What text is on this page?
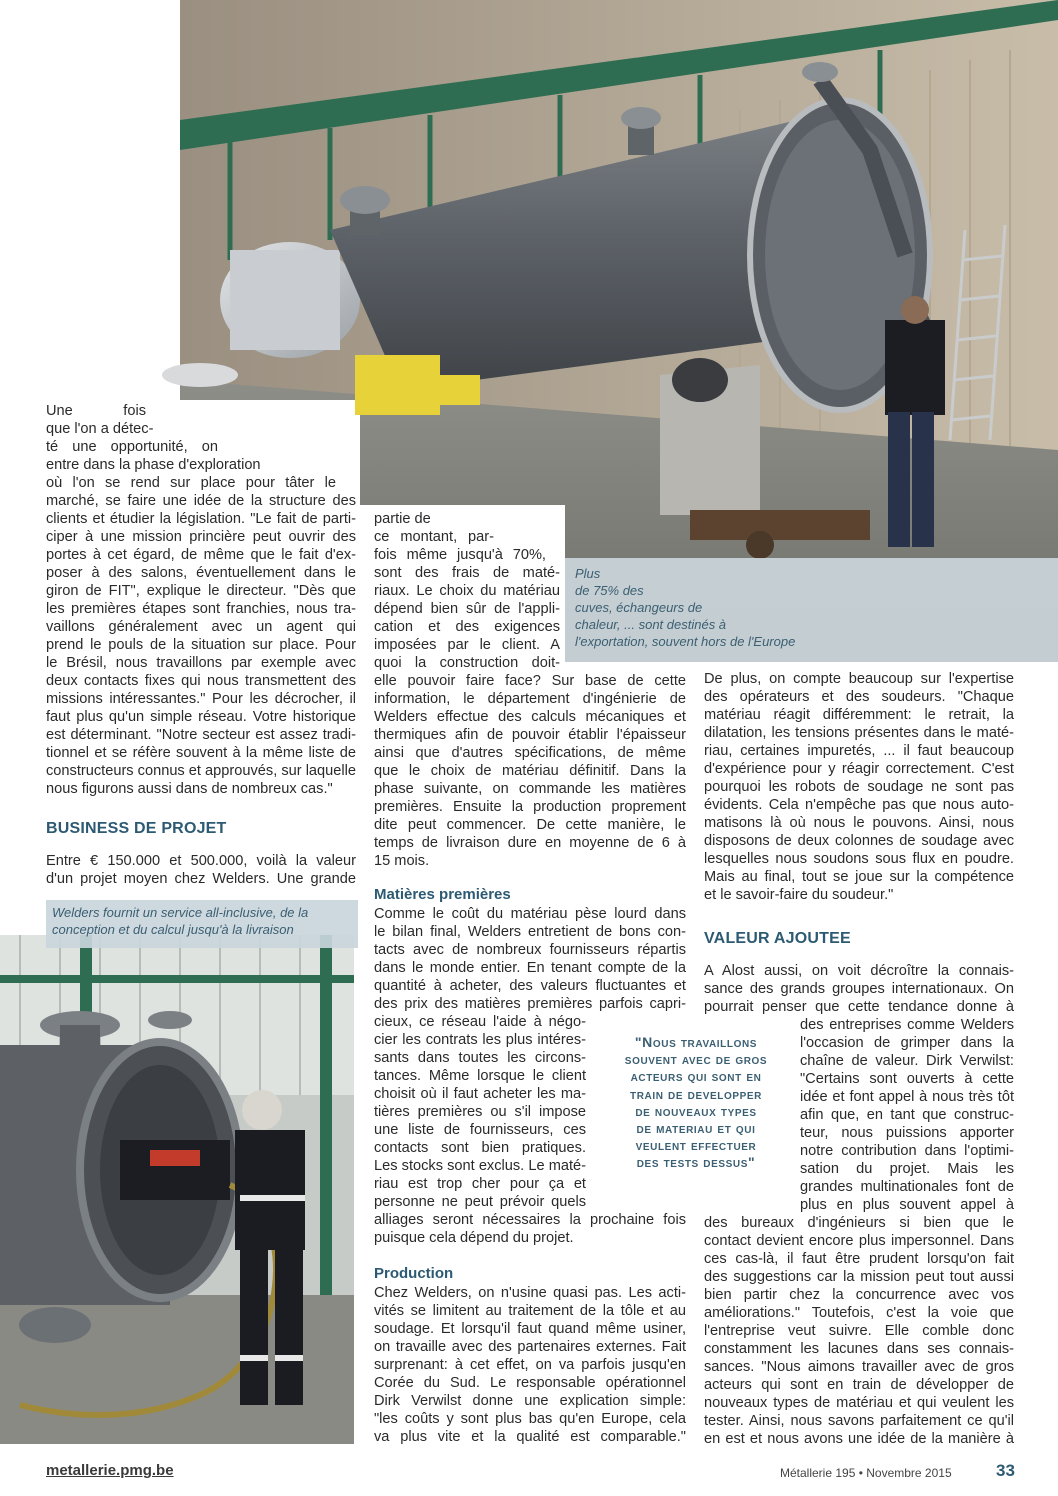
Plus
de 75% des
cuves, échangeurs de
chaleur, ... sont destinés à
l'exportation, souvent hors de l'Europe
Une fois
que l'on a détec-
té une opportunité, on
entre dans la phase d'exploration
où l'on se rend sur place pour tâter le
marché, se faire une idée de la structure des
clients et étudier la législation. "Le fait de parti-
ciper à une mission princière peut ouvrir des
portes à cet égard, de même que le fait d'ex-
poser à des salons, éventuellement dans le
giron de FIT", explique le directeur. "Dès que
les premières étapes sont franchies, nous tra-
vaillons généralement avec un agent qui
prend le pouls de la situation sur place. Pour
le Brésil, nous travaillons par exemple avec
deux contacts fixes qui nous transmettent des
missions intéressantes." Pour les décrocher, il
faut plus qu'un simple réseau. Votre historique
est déterminant. "Notre secteur est assez tradi-
tionnel et se réfère souvent à la même liste de
constructeurs connus et approuvés, sur laquelle
nous figurons aussi dans de nombreux cas."
BUSINESS DE PROJET
Entre € 150.000 et 500.000, voilà la valeur
d'un projet moyen chez Welders. Une grande
Welders fournit un service all-inclusive, de la
conception et du calcul jusqu'à la livraison
partie de
ce montant, par-
fois même jusqu'à 70%,
sont des frais de maté-
riaux. Le choix du matériau
dépend bien sûr de l'appli-
cation et des exigences
imposées par le client. A
quoi la construction doit-
elle pouvoir faire face? Sur base de cette
information, le département d'ingénierie de
Welders effectue des calculs mécaniques et
thermiques afin de pouvoir établir l'épaisseur
ainsi que d'autres spécifications, de même
que le choix de matériau définitif. Dans la
phase suivante, on commande les matières
premières. Ensuite la production proprement
dite peut commencer. De cette manière, le
temps de livraison dure en moyenne de 6 à
15 mois.
Matières premières
Comme le coût du matériau pèse lourd dans
le bilan final, Welders entretient de bons con-
tacts avec de nombreux fournisseurs répartis
dans le monde entier. En tenant compte de la
quantité à acheter, des valeurs fluctuantes et
des prix des matières premières parfois capri-
cieux, ce réseau l'aide à négo-
cier les contrats les plus intéres-
sants dans toutes les circons-
tances. Même lorsque le client
choisit où il faut acheter les ma-
tières premières ou s'il impose
une liste de fournisseurs, ces
contacts sont bien pratiques.
Les stocks sont exclus. Le maté-
riau est trop cher pour ça et
personne ne peut prévoir quels
alliages seront nécessaires la prochaine fois
puisque cela dépend du projet.
Production
Chez Welders, on n'usine quasi pas. Les acti-
vités se limitent au traitement de la tôle et au
soudage. Et lorsqu'il faut quand même usiner,
on travaille avec des partenaires externes. Fait
surprenant: à cet effet, on va parfois jusqu'en
Corée du Sud. Le responsable opérationnel
Dirk Verwilst donne une explication simple:
"les coûts y sont plus bas qu'en Europe, cela
va plus vite et la qualité est comparable."
"Nous travaillons
souvent avec de gros
acteurs qui sont en
train de developper
de nouveaux types
de materiau et qui
veulent effectuer
des tests dessus"
De plus, on compte beaucoup sur l'expertise
des opérateurs et des soudeurs. "Chaque
matériau réagit différemment: le retrait, la
dilatation, les tensions présentes dans le maté-
riau, certaines impuretés, ... il faut beaucoup
d'expérience pour y réagir correctement. C'est
pourquoi les robots de soudage ne sont pas
évidents. Cela n'empêche pas que nous auto-
matisons là où nous le pouvons. Ainsi, nous
disposons de deux colonnes de soudage avec
lesquelles nous soudons sous flux en poudre.
Mais au final, tout se joue sur la compétence
et le savoir-faire du soudeur."
VALEUR AJOUTEE
A Alost aussi, on voit décroître la connais-
sance des grands groupes internationaux. On
pourrait penser que cette tendance donne à
des entreprises comme Welders
l'occasion de grimper dans la
chaîne de valeur. Dirk Verwilst:
"Certains sont ouverts à cette
idée et font appel à nous très tôt
afin que, en tant que construc-
teur, nous puissions apporter
notre contribution dans l'optimi-
sation du projet. Mais les
grandes multinationales font de
plus en plus souvent appel à
des bureaux d'ingénieurs si bien que le
contact devient encore plus impersonnel. Dans
ces cas-là, il faut être prudent lorsqu'on fait
des suggestions car la mission peut tout aussi
bien partir chez la concurrence avec vos
améliorations." Toutefois, c'est la voie que
l'entreprise veut suivre. Elle comble donc
constamment les lacunes dans ses connais-
sances. "Nous aimons travailler avec de gros
acteurs qui sont en train de développer de
nouveaux types de matériau et qui veulent les
tester. Ainsi, nous savons parfaitement ce qu'il
en est et nous avons une idée de la manière à
metallerie.pmg.be	Métallerie 195 • Novembre 2015	33
